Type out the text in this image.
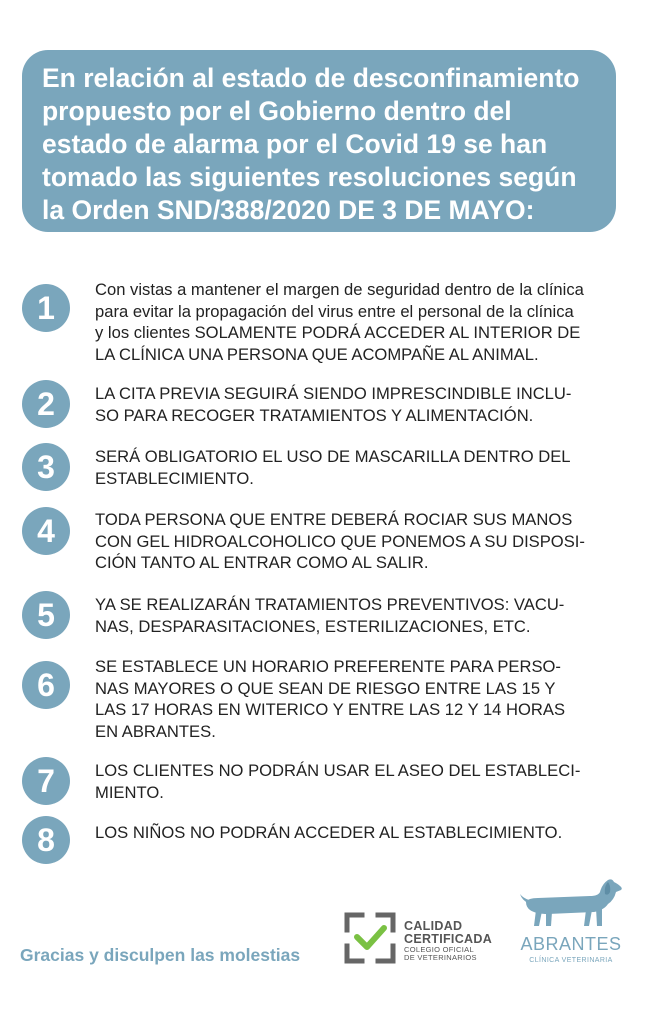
En relación al estado de desconfinamiento
propuesto por el Gobierno dentro del
estado de alarma por el Covid 19 se han
tomado las siguientes resoluciones según
la Orden SND/388/2020 DE 3 DE MAYO:
1
Con vistas a mantener el margen de seguridad dentro de la clínica
para evitar la propagación del virus entre el personal de la clínica
y los clientes SOLAMENTE PODRÁ ACCEDER AL INTERIOR DE
LA CLÍNICA UNA PERSONA QUE ACOMPAÑE AL ANIMAL.
2	LA CITA PREVIA SEGUIRÁ SIENDO IMPRESCINDIBLE INCLU-
SO PARA RECOGER TRATAMIENTOS Y ALIMENTACIÓN.
3	SERÁ OBLIGATORIO EL USO DE MASCARILLA DENTRO DEL
ESTABLECIMIENTO.
4	TODA PERSONA QUE ENTRE DEBERÁ ROCIAR SUS MANOS
CON GEL HIDROALCOHOLICO QUE PONEMOS A SU DISPOSI-
CIÓN TANTO AL ENTRAR COMO AL SALIR.
5	YA SE REALIZARÁN TRATAMIENTOS PREVENTIVOS: VACU-
NAS, DESPARASITACIONES, ESTERILIZACIONES, ETC.
6
SE ESTABLECE UN HORARIO PREFERENTE PARA PERSO-
NAS MAYORES O QUE SEAN DE RIESGO ENTRE LAS 15 Y
LAS 17 HORAS EN WITERICO Y ENTRE LAS 12 Y 14 HORAS
EN ABRANTES.
7	LOS CLIENTES NO PODRÁN USAR EL ASEO DEL ESTABLECI-
MIENTO.
8	LOS NIÑOS NO PODRÁN ACCEDER AL ESTABLECIMIENTO.
Gracias y disculpen las molestias
CALIDAD
CERTIFICADA
COLEGIO OFICIAL
DE VETERINARIOS
ABRANTES
CLÍNICA VETERINARIA
